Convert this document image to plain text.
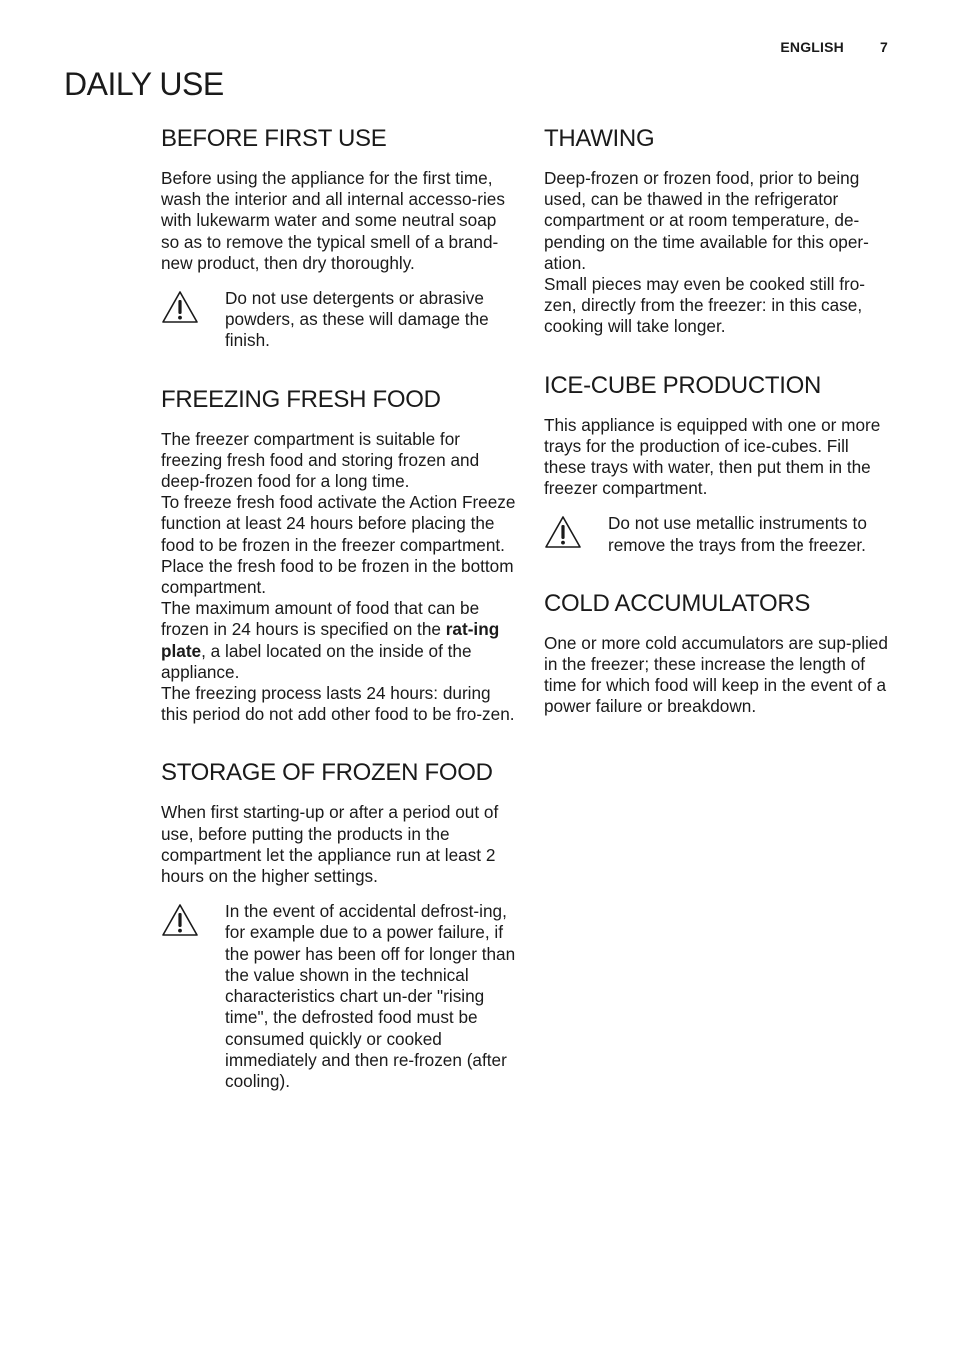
ENGLISH	7
DAILY USE
BEFORE FIRST USE

Before using the appliance for the first time, wash the interior and all internal accesso-ries with lukewarm water and some neutral soap so as to remove the typical smell of a brand-new product, then dry thoroughly.

Do not use detergents or abrasive powders, as these will damage the finish.
FREEZING FRESH FOOD

The freezer compartment is suitable for freezing fresh food and storing frozen and deep-frozen food for a long time.

To freeze fresh food activate the Action Freeze function at least 24 hours before placing the food to be frozen in the freezer compartment.

Place the fresh food to be frozen in the bottom compartment.

The maximum amount of food that can be frozen in 24 hours is specified on the rat-ing plate, a label located on the inside of the appliance.

The freezing process lasts 24 hours: during this period do not add other food to be fro-zen.

STORAGE OF FROZEN FOOD

When first starting-up or after a period out of use, before putting the products in the compartment let the appliance run at least 2 hours on the higher settings.

In the event of accidental defrost-ing, for example due to a power failure, if the power has been off for longer than the value shown in the technical characteristics chart un-der "rising time", the defrosted food must be consumed quickly or cooked immediately and then re-frozen (after cooling).
THAWING

Deep-frozen or frozen food, prior to being used, can be thawed in the refrigerator compartment or at room temperature, de-pending on the time available for this oper-ation.

Small pieces may even be cooked still fro-zen, directly from the freezer: in this case, cooking will take longer.

ICE-CUBE PRODUCTION

This appliance is equipped with one or more trays for the production of ice-cubes. Fill these trays with water, then put them in the freezer compartment.

Do not use metallic instruments to remove the trays from the freezer.
COLD ACCUMULATORS

One or more cold accumulators are sup-plied in the freezer; these increase the length of time for which food will keep in the event of a power failure or breakdown.
